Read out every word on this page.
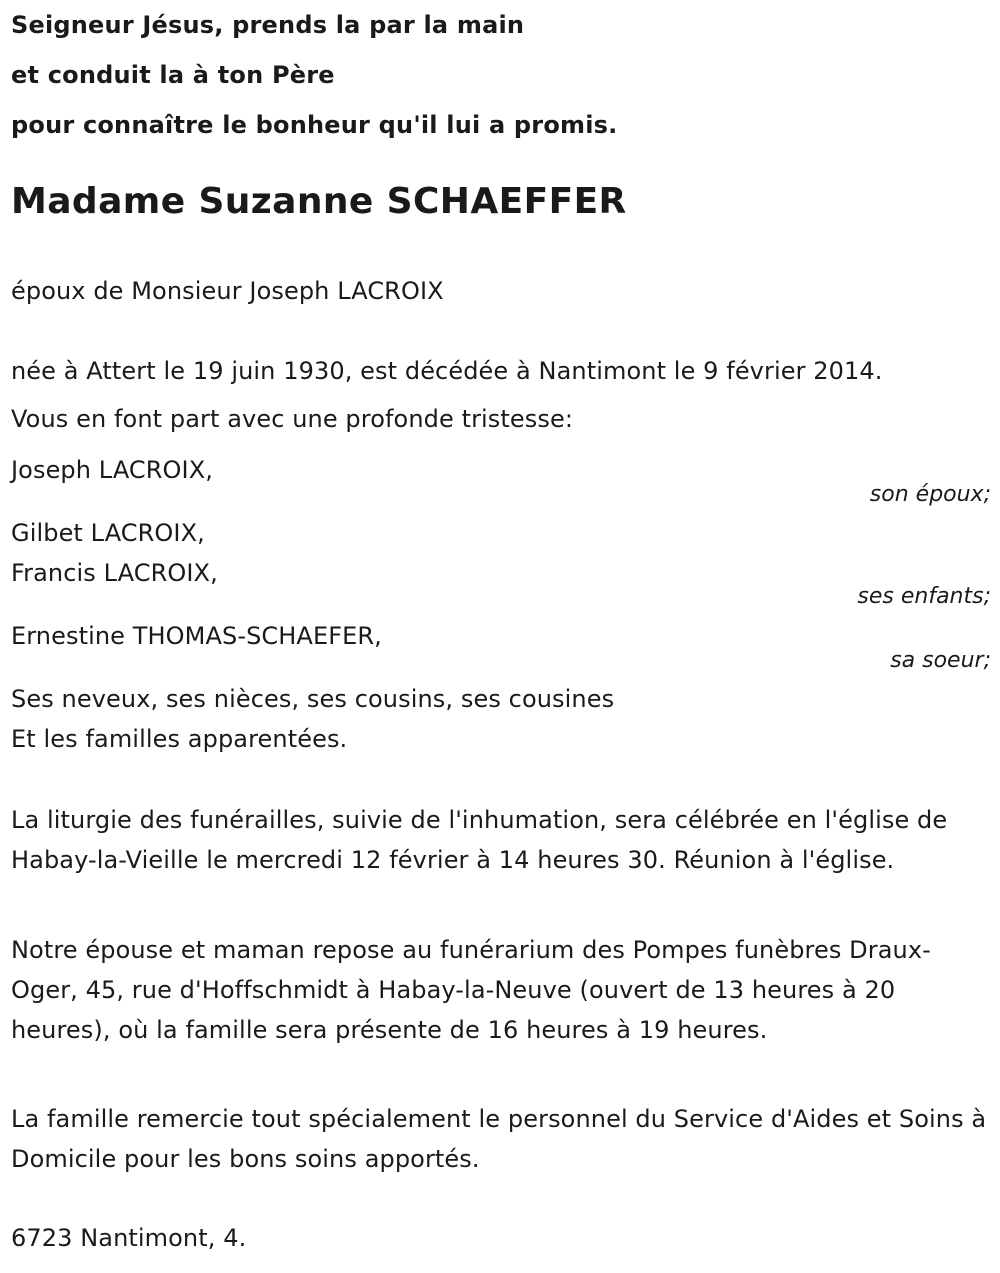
Seigneur Jésus, prends la par la main

et conduit la à ton Père

pour connaître le bonheur qu'il lui a promis.

Madame Suzanne SCHAEFFER

époux de Monsieur Joseph LACROIX

née à Attert le 19 juin 1930, est décédée à Nantimont le 9 février 2014.

Vous en font part avec une profonde tristesse:

Joseph LACROIX,

son époux;

Gilbet LACROIX,

Francis LACROIX,

ses enfants;

Ernestine THOMAS-SCHAEFER,

sa soeur;

Ses neveux, ses nièces, ses cousins, ses cousines

Et les familles apparentées.

La liturgie des funérailles, suivie de l'inhumation, sera célébrée en l'église de Habay-la-Vieille le mercredi 12 février à 14 heures 30. Réunion à l'église.

Notre épouse et maman repose au funérarium des Pompes funèbres Draux-Oger, 45, rue d'Hoffschmidt à Habay-la-Neuve (ouvert de 13 heures à 20 heures), où la famille sera présente de 16 heures à 19 heures.

La famille remercie tout spécialement le personnel du Service d'Aides et Soins à Domicile pour les bons soins apportés.

6723 Nantimont, 4.
